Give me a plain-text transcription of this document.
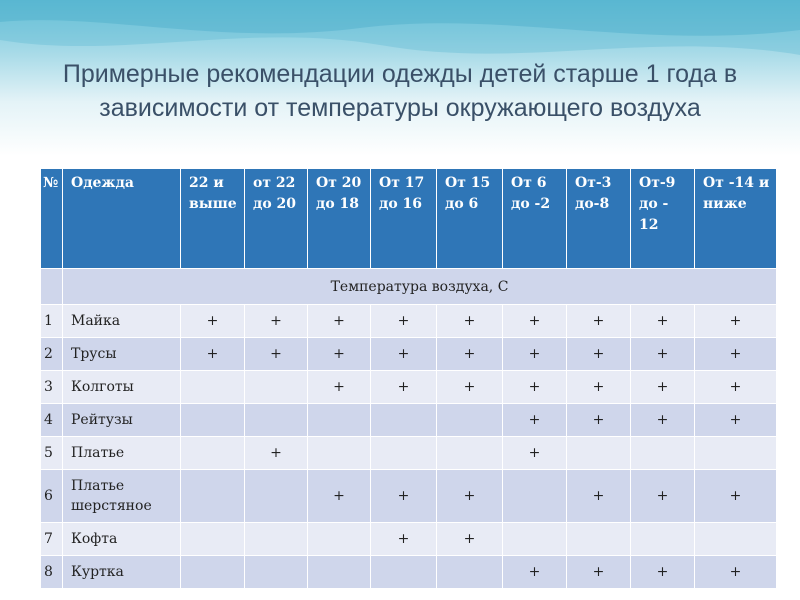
Примерные рекомендации одежды детей старше 1 года в зависимости от температуры окружающего воздуха
№	Одежда	22 и выше	от 22 до 20	От 20 до 18	От 17 до 16	От 15 до 6	От 6 до -2	От-3 до-8	От-9 до - 12	От -14 и ниже
	Температура воздуха, С									
1	Майка	+	+	+	+	+	+	+	+	+
2	Трусы	+	+	+	+	+	+	+	+	+
3	Колготы			+	+	+	+	+	+	+
4	Рейтузы						+	+	+	+
5	Платье		+				+			
6	Платье шерстяное			+	+	+		+	+	+
7	Кофта				+	+				
8	Куртка						+	+	+	+
